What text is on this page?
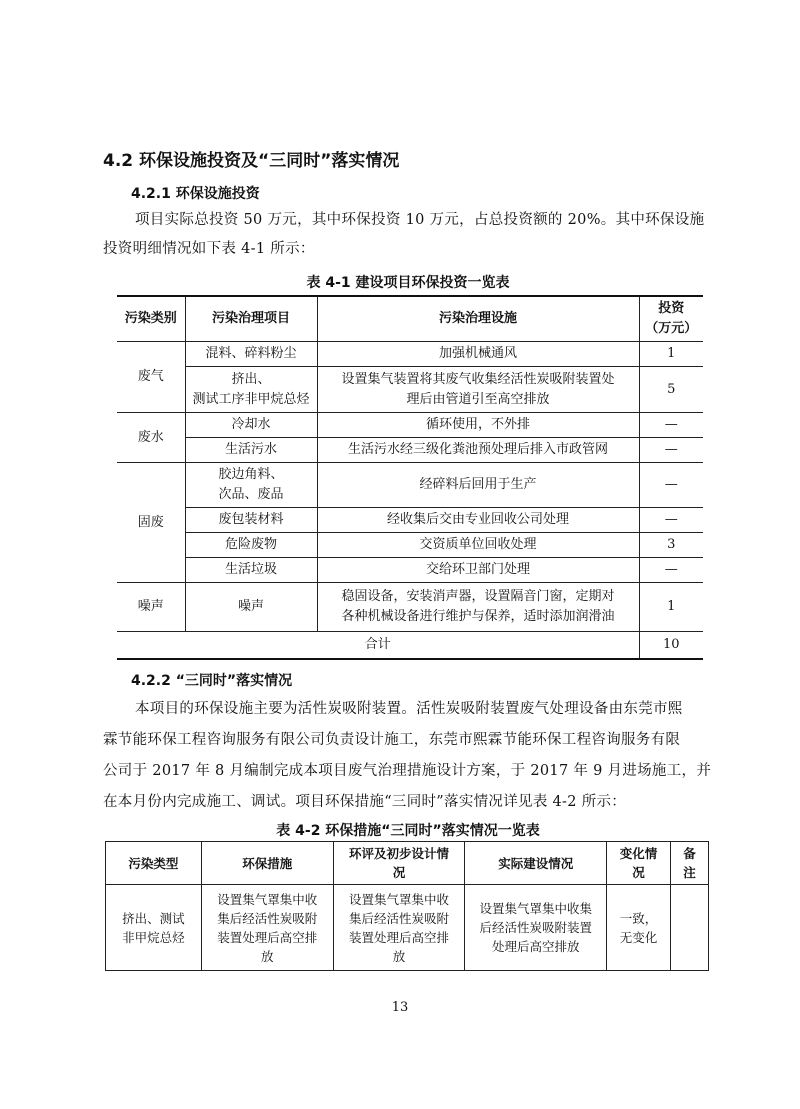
4.2 环保设施投资及“三同时”落实情况
4.2.1 环保设施投资
项目实际总投资 50 万元，其中环保投资 10 万元，占总投资额的 20%。其中环保设施
投资明细情况如下表 4-1 所示：
表 4-1 建设项目环保投资一览表
污染类别	污染治理项目	污染治理设施	投资
（万元）
废气	混料、碎料粉尘	加强机械通风	1
	挤出、
测试工序非甲烷总烃	设置集气装置将其废气收集经活性炭吸附装置处
理后由管道引至高空排放	5
废水	冷却水	循环使用，不外排	—
	生活污水	生活污水经三级化粪池预处理后排入市政管网	—
固废	胶边角料、
次品、废品	经碎料后回用于生产	—
	废包装材料	经收集后交由专业回收公司处理	—
	危险废物	交资质单位回收处理	3
	生活垃圾	交给环卫部门处理	—
噪声	噪声	稳固设备，安装消声器，设置隔音门窗，定期对
各种机械设备进行维护与保养，适时添加润滑油	1
合计			10
4.2.2 “三同时”落实情况
本项目的环保设施主要为活性炭吸附装置。活性炭吸附装置废气处理设备由东莞市熙
霖节能环保工程咨询服务有限公司负责设计施工，东莞市熙霖节能环保工程咨询服务有限
公司于 2017 年 8 月编制完成本项目废气治理措施设计方案，于 2017 年 9 月进场施工，并
在本月份内完成施工、调试。项目环保措施“三同时”落实情况详见表 4-2 所示：
表 4-2 环保措施“三同时”落实情况一览表
污染类型	环保措施	环评及初步设计情
况	实际建设情况	变化情
况	备
注
挤出、测试
非甲烷总烃	设置集气罩集中收
集后经活性炭吸附
装置处理后高空排
放	设置集气罩集中收
集后经活性炭吸附
装置处理后高空排
放	设置集气罩集中收集
后经活性炭吸附装置
处理后高空排放	一致，
无变化	
13
